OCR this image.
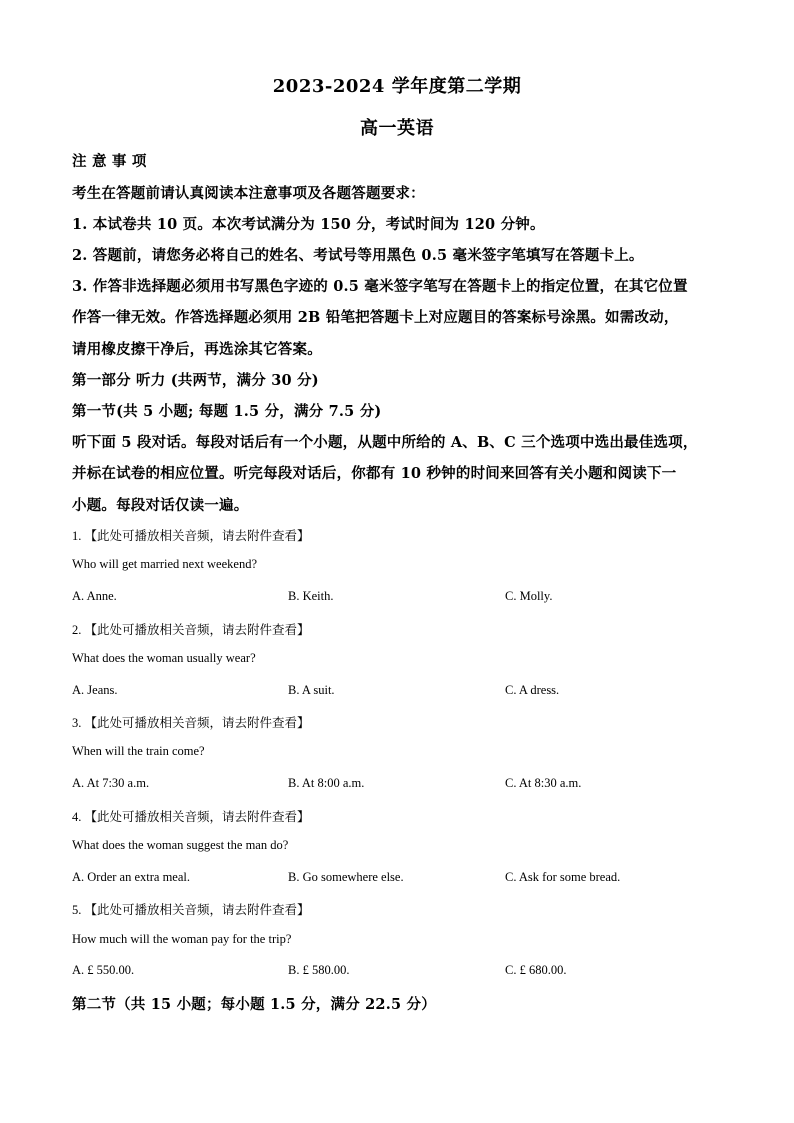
2023-2024 学年度第二学期
高一英语
注 意 事 项
考生在答题前请认真阅读本注意事项及各题答题要求：
1. 本试卷共 10 页。本次考试满分为 150 分，考试时间为 120 分钟。
2. 答题前，请您务必将自己的姓名、考试号等用黑色 0.5 毫米签字笔填写在答题卡上。
3. 作答非选择题必须用书写黑色字迹的 0.5 毫米签字笔写在答题卡上的指定位置，在其它位置
作答一律无效。作答选择题必须用 2B 铅笔把答题卡上对应题目的答案标号涂黑。如需改动，
请用橡皮擦干净后，再选涂其它答案。
第一部分 听力 (共两节，满分 30 分)
第一节(共 5 小题; 每题 1.5 分，满分 7.5 分)
听下面 5 段对话。每段对话后有一个小题，从题中所给的 A、B、C 三个选项中选出最佳选项，
并标在试卷的相应位置。听完每段对话后，你都有 10 秒钟的时间来回答有关小题和阅读下一
小题。每段对话仅读一遍。
1. 【此处可播放相关音频，请去附件查看】
Who will get married next weekend?
A. Anne.	B. Keith.	C. Molly.
2. 【此处可播放相关音频，请去附件查看】
What does the woman usually wear?
A. Jeans.	B. A suit.	C. A dress.
3. 【此处可播放相关音频，请去附件查看】
When will the train come?
A. At 7:30 a.m.	B. At 8:00 a.m.	C. At 8:30 a.m.
4. 【此处可播放相关音频，请去附件查看】
What does the woman suggest the man do?
A. Order an extra meal.	B. Go somewhere else.	C. Ask for some bread.
5. 【此处可播放相关音频，请去附件查看】
How much will the woman pay for the trip?
A. £ 550.00.	B. £ 580.00.	C. £ 680.00.
第二节（共 15 小题；每小题 1.5 分，满分 22.5 分）
